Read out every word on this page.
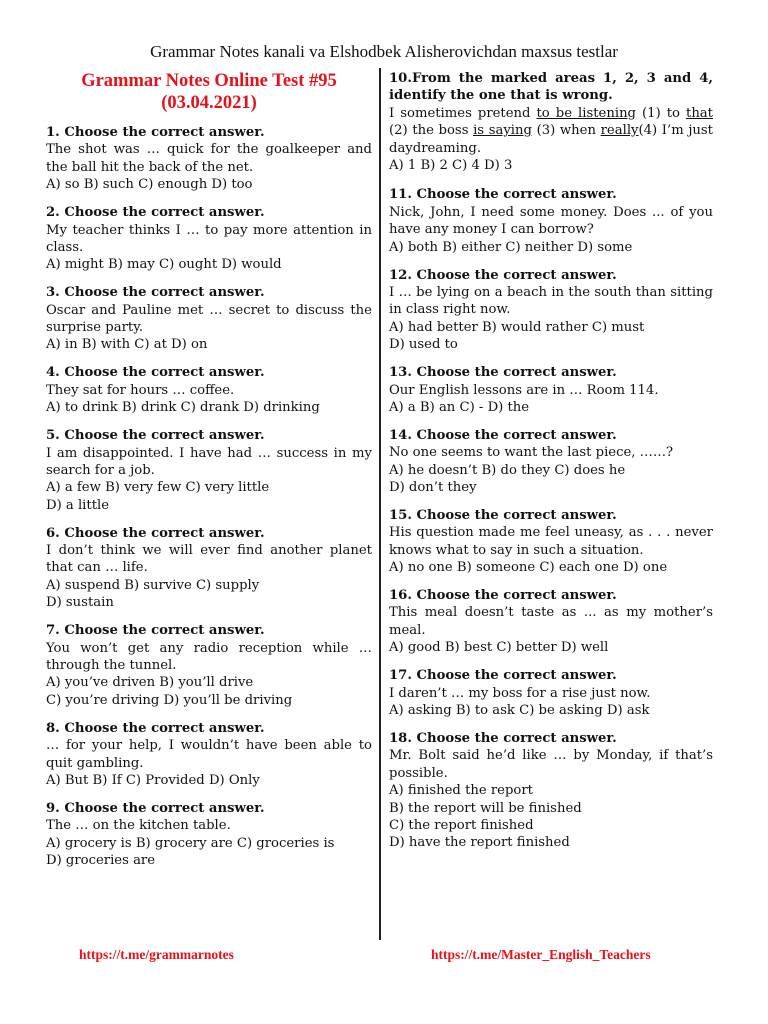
Grammar Notes kanali va Elshodbek Alisherovichdan maxsus testlar
Grammar Notes Online Test #95
(03.04.2021)
1. Choose the correct answer.
The shot was … quick for the goalkeeper and the ball hit the back of the net.
A) so B) such C) enough D) too
2. Choose the correct answer.
My teacher thinks I … to pay more attention in class.
A) might B) may C) ought D) would
3. Choose the correct answer.
Oscar and Pauline met … secret to discuss the surprise party.
A) in B) with C) at D) on
4. Choose the correct answer.
They sat for hours … coffee.
A) to drink B) drink C) drank D) drinking
5. Choose the correct answer.
I am disappointed. I have had … success in my search for a job.
A) a few B) very few C) very little
D) a little
6. Choose the correct answer.
I don’t think we will ever find another planet that can … life.
A) suspend B) survive C) supply
D) sustain
7. Choose the correct answer.
You won’t get any radio reception while … through the tunnel.
A) you’ve driven B) you’ll drive
C) you’re driving D) you’ll be driving
8. Choose the correct answer.
… for your help, I wouldn’t have been able to quit gambling.
A) But B) If C) Provided D) Only
9. Choose the correct answer.
The … on the kitchen table.
A) grocery is B) grocery are C) groceries is
D) groceries are
10.From the marked areas 1, 2, 3 and 4, identify the one that is wrong.
I sometimes pretend to be listening (1) to that (2) the boss is saying (3) when really(4) I’m just daydreaming.
A) 1 B) 2 C) 4 D) 3
11. Choose the correct answer.
Nick, John, I need some money. Does ... of you have any money I can borrow?
A) both B) either C) neither D) some
12. Choose the correct answer.
I … be lying on a beach in the south than sitting in class right now.
A) had better B) would rather C) must
D) used to
13. Choose the correct answer.
Our English lessons are in … Room 114.
A) a B) an C) - D) the
14. Choose the correct answer.
No one seems to want the last piece, ……?
A) he doesn’t B) do they C) does he
D) don’t they
15. Choose the correct answer.
His question made me feel uneasy, as . . . never knows what to say in such a situation.
A) no one B) someone C) each one D) one
16. Choose the correct answer.
This meal doesn’t taste as ... as my mother’s meal.
A) good B) best C) better D) well
17. Choose the correct answer.
I daren’t … my boss for a rise just now.
A) asking B) to ask C) be asking D) ask
18. Choose the correct answer.
Mr. Bolt said he’d like … by Monday, if that’s possible.
A) finished the report
B) the report will be finished
C) the report finished
D) have the report finished
https://t.me/grammarnotes	https://t.me/Master_English_Teachers
